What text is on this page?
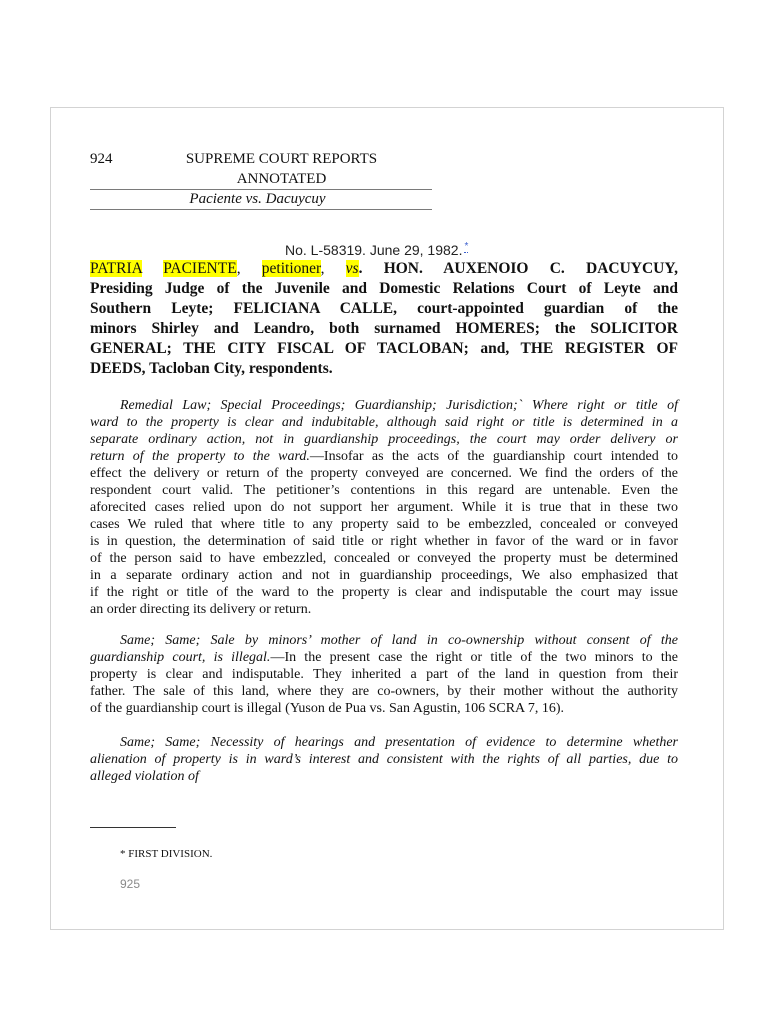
924	SUPREME COURT REPORTS
ANNOTATED
Paciente vs. Dacuycuy
No. L-58319. June 29, 1982. *
PATRIA PACIENTE, petitioner, vs. HON. AUXENOIO C. DACUYCUY,
Presiding Judge of the Juvenile and Domestic Relations Court of Leyte and
Southern Leyte; FELICIANA CALLE, court-appointed guardian of the
minors Shirley and Leandro, both surnamed HOMERES; the SOLICITOR
GENERAL; THE CITY FISCAL OF TACLOBAN; and, THE REGISTER OF
DEEDS, Tacloban City, respondents.
Remedial Law; Special Proceedings; Guardianship; Jurisdiction;` Where right or title of
ward to the property is clear and indubitable, although said right or title is determined in a
separate ordinary action, not in guardianship proceedings, the court may order delivery or
return of the property to the ward.—Insofar as the acts of the guardianship court intended to
effect the delivery or return of the property conveyed are concerned. We find the orders of the
respondent court valid. The petitioner’s contentions in this regard are untenable. Even the
aforecited cases relied upon do not support her argument. While it is true that in these two
cases We ruled that where title to any property said to be embezzled, concealed or conveyed
is in question, the determination of said title or right whether in favor of the ward or in favor
of the person said to have embezzled, concealed or conveyed the property must be determined
in a separate ordinary action and not in guardianship proceedings, We also emphasized that
if the right or title of the ward to the property is clear and indisputable the court may issue
an order directing its delivery or return.
Same; Same; Sale by minors’ mother of land in co-ownership without consent of the
guardianship court, is illegal.—In the present case the right or title of the two minors to the
property is clear and indisputable. They inherited a part of the land in question from their
father. The sale of this land, where they are co-owners, by their mother without the authority
of the guardianship court is illegal (Yuson de Pua vs. San Agustin, 106 SCRA 7, 16).
Same; Same; Necessity of hearings and presentation of evidence to determine whether
alienation of property is in ward’s interest and consistent with the rights of all parties, due to
alleged violation of
* FIRST DIVISION.
925
